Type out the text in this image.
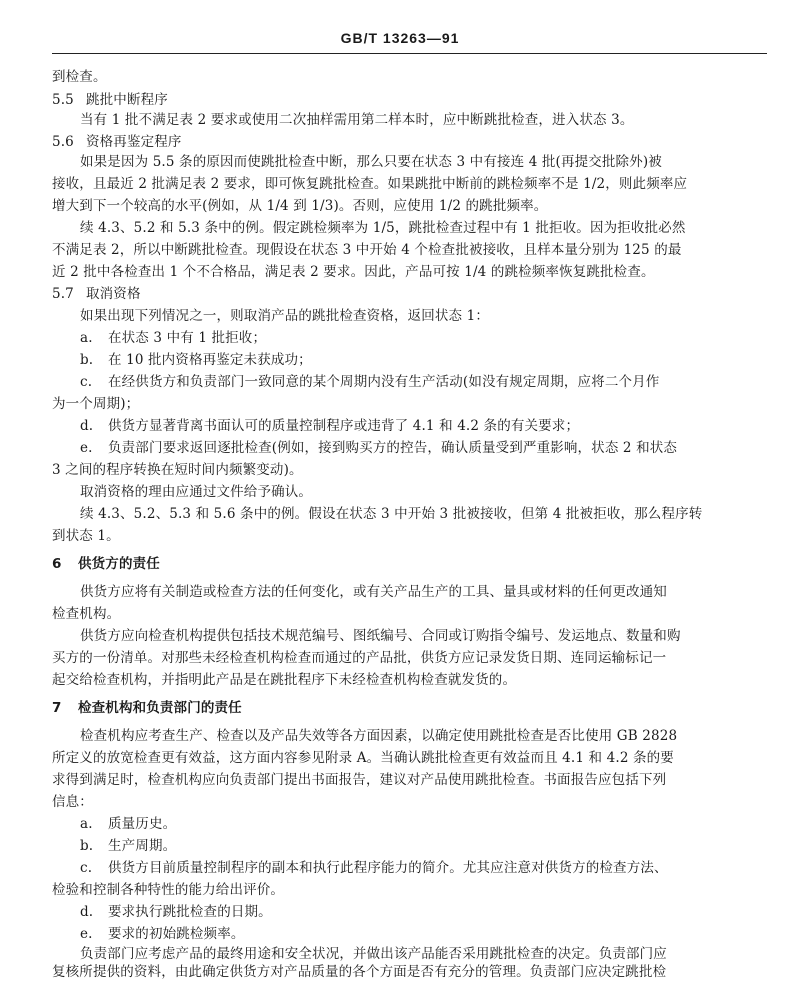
GB/T 13263—91
到检查。
5.5 跳批中断程序
当有 1 批不满足表 2 要求或使用二次抽样需用第二样本时，应中断跳批检查，进入状态 3。
5.6 资格再鉴定程序
如果是因为 5.5 条的原因而使跳批检查中断，那么只要在状态 3 中有接连 4 批(再提交批除外)被
接收，且最近 2 批满足表 2 要求，即可恢复跳批检查。如果跳批中断前的跳检频率不是 1/2，则此频率应
增大到下一个较高的水平(例如，从 1/4 到 1/3)。否则，应使用 1/2 的跳批频率。
续 4.3、5.2 和 5.3 条中的例。假定跳检频率为 1/5，跳批检查过程中有 1 批拒收。因为拒收批必然
不满足表 2，所以中断跳批检查。现假设在状态 3 中开始 4 个检查批被接收，且样本量分别为 125 的最
近 2 批中各检查出 1 个不合格品，满足表 2 要求。因此，产品可按 1/4 的跳检频率恢复跳批检查。
5.7 取消资格
如果出现下列情况之一，则取消产品的跳批检查资格，返回状态 1：
a. 在状态 3 中有 1 批拒收；
b. 在 10 批内资格再鉴定未获成功；
c. 在经供货方和负责部门一致同意的某个周期内没有生产活动(如没有规定周期，应将二个月作
为一个周期)；
d. 供货方显著背离书面认可的质量控制程序或违背了 4.1 和 4.2 条的有关要求；
e. 负责部门要求返回逐批检查(例如，接到购买方的控告，确认质量受到严重影响，状态 2 和状态
3 之间的程序转换在短时间内频繁变动)。
取消资格的理由应通过文件给予确认。
续 4.3、5.2、5.3 和 5.6 条中的例。假设在状态 3 中开始 3 批被接收，但第 4 批被拒收，那么程序转
到状态 1。
6 供货方的责任
供货方应将有关制造或检查方法的任何变化，或有关产品生产的工具、量具或材料的任何更改通知
检查机构。
供货方应向检查机构提供包括技术规范编号、图纸编号、合同或订购指令编号、发运地点、数量和购
买方的一份清单。对那些未经检查机构检查而通过的产品批，供货方应记录发货日期、连同运输标记一
起交给检查机构，并指明此产品是在跳批程序下未经检查机构检查就发货的。
7 检查机构和负责部门的责任
检查机构应考查生产、检查以及产品失效等各方面因素，以确定使用跳批检查是否比使用 GB 2828
所定义的放宽检查更有效益，这方面内容参见附录 A。当确认跳批检查更有效益而且 4.1 和 4.2 条的要
求得到满足时，检查机构应向负责部门提出书面报告，建议对产品使用跳批检查。书面报告应包括下列
信息：
a. 质量历史。
b. 生产周期。
c. 供货方目前质量控制程序的副本和执行此程序能力的简介。尤其应注意对供货方的检查方法、
检验和控制各种特性的能力给出评价。
d. 要求执行跳批检查的日期。
e. 要求的初始跳检频率。
负责部门应考虑产品的最终用途和安全状况，并做出该产品能否采用跳批检查的决定。负责部门应
复核所提供的资料，由此确定供货方对产品质量的各个方面是否有充分的管理。负责部门应决定跳批检
